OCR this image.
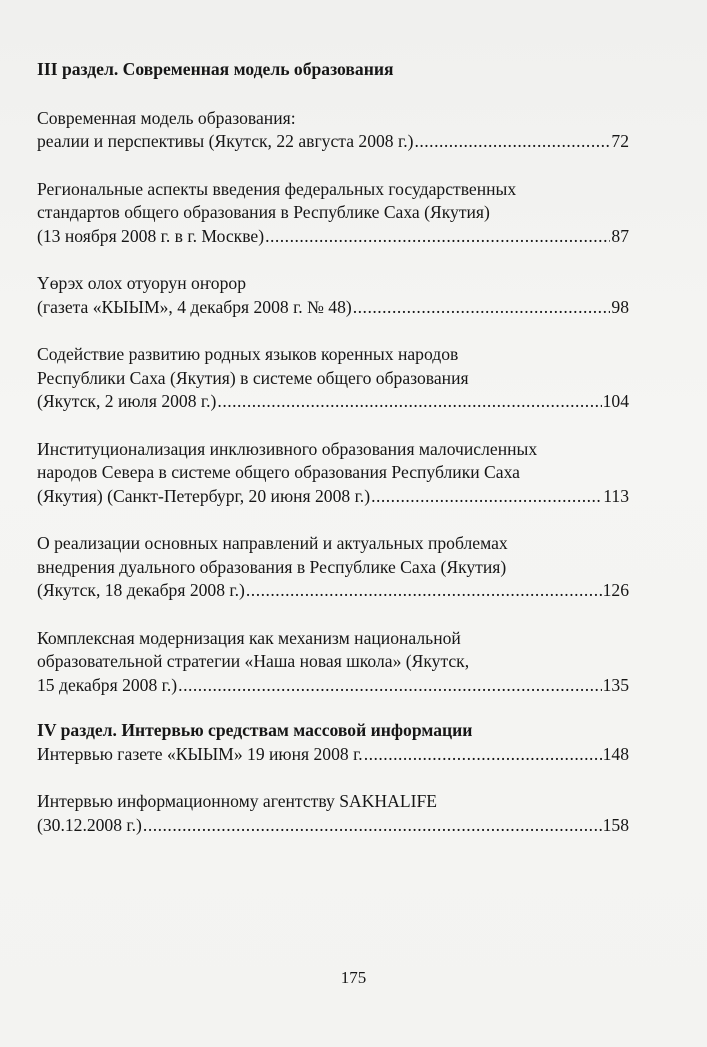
III раздел. Современная модель образования
Современная модель образования:
реалии и перспективы (Якутск, 22 августа 2008 г.) .....	72
Региональные аспекты введения федеральных государственных
стандартов общего образования в Республике Саха (Якутия)
(13 ноября 2008 г. в г. Москве) .....	87
Үөрэх олох отуорун оҥорор
(газета «КЫЫМ», 4 декабря 2008 г. № 48) .....	98
Содействие развитию родных языков коренных народов
Республики Саха (Якутия) в системе общего образования
(Якутск, 2 июля 2008 г.) .....	104
Институционализация инклюзивного образования малочисленных
народов Севера в системе общего образования Республики Саха
(Якутия) (Санкт-Петербург, 20 июня 2008 г.) .....	113
О реализации основных направлений и актуальных проблемах
внедрения дуального образования в Республике Саха (Якутия)
(Якутск, 18 декабря 2008 г.) .....	126
Комплексная модернизация как механизм национальной
образовательной стратегии «Наша новая школа» (Якутск,
15 декабря 2008 г.) .....	135
IV раздел. Интервью средствам массовой информации
Интервью газете «КЫЫМ» 19 июня 2008 г. .....	148
Интервью информационному агентству SAKHALIFE
(30.12.2008 г.) .....	158
175
